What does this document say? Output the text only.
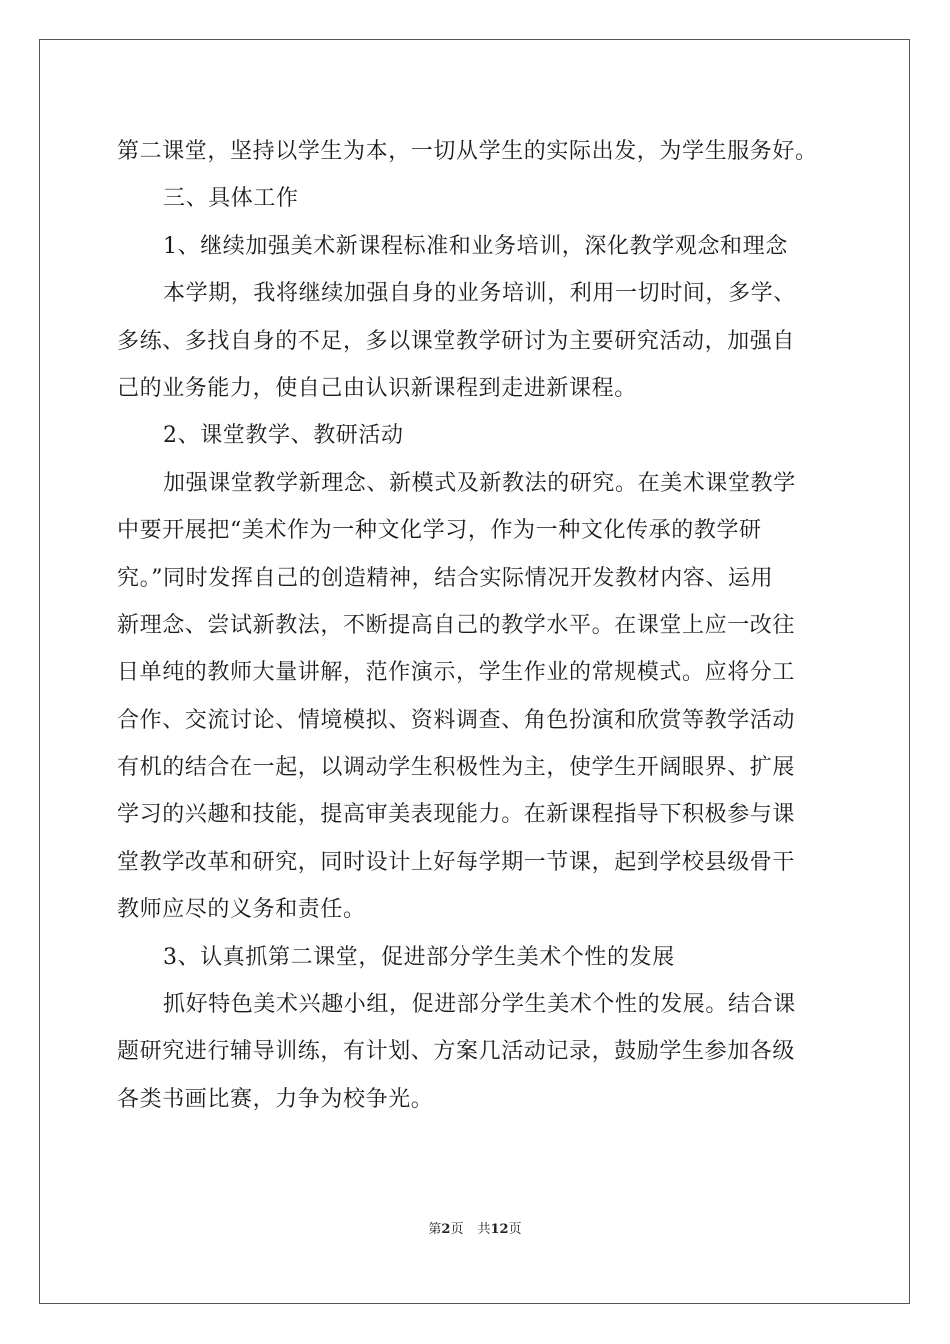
第二课堂，坚持以学生为本，一切从学生的实际出发，为学生服务好。
三、具体工作
1、继续加强美术新课程标准和业务培训，深化教学观念和理念
本学期，我将继续加强自身的业务培训，利用一切时间，多学、
多练、多找自身的不足，多以课堂教学研讨为主要研究活动，加强自
己的业务能力，使自己由认识新课程到走进新课程。
2、课堂教学、教研活动
加强课堂教学新理念、新模式及新教法的研究。在美术课堂教学
中要开展把“美术作为一种文化学习，作为一种文化传承的教学研
究。”同时发挥自己的创造精神，结合实际情况开发教材内容、运用
新理念、尝试新教法，不断提高自己的教学水平。在课堂上应一改往
日单纯的教师大量讲解，范作演示，学生作业的常规模式。应将分工
合作、交流讨论、情境模拟、资料调查、角色扮演和欣赏等教学活动
有机的结合在一起，以调动学生积极性为主，使学生开阔眼界、扩展
学习的兴趣和技能，提高审美表现能力。在新课程指导下积极参与课
堂教学改革和研究，同时设计上好每学期一节课，起到学校县级骨干
教师应尽的义务和责任。
3、认真抓第二课堂，促进部分学生美术个性的发展
抓好特色美术兴趣小组，促进部分学生美术个性的发展。结合课
题研究进行辅导训练，有计划、方案几活动记录，鼓励学生参加各级
各类书画比赛，力争为校争光。
第2页 共12页
